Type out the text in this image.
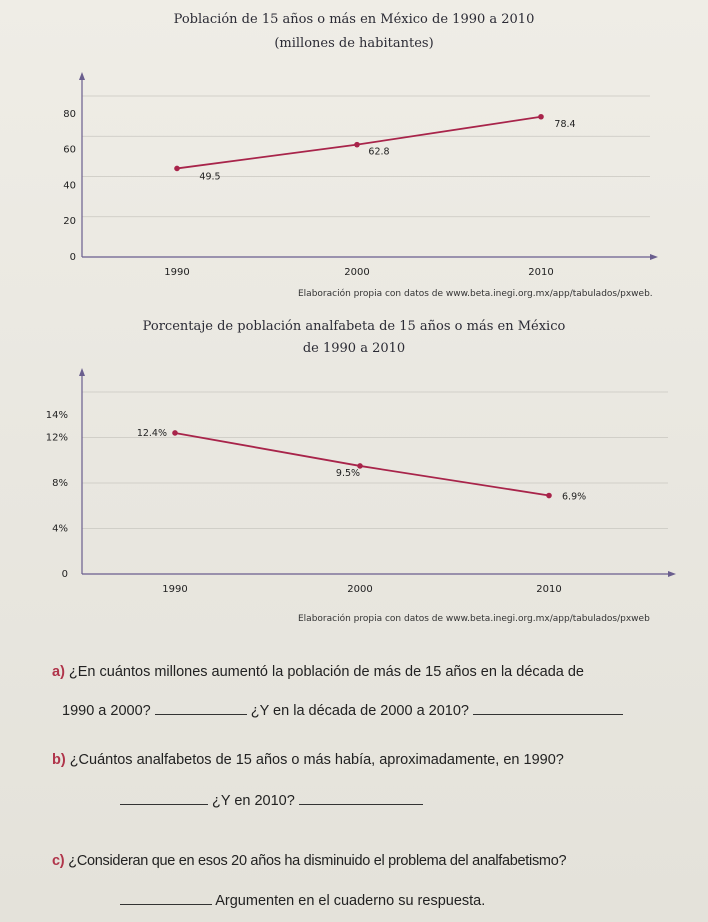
Población de 15 años o más en México de 1990 a 2010
(millones de habitantes)
0
20
40
60
80
1990	2000	2010
49.5
62.8
78.4
Elaboración propia con datos de www.beta.inegi.org.mx/app/tabulados/pxweb.
Porcentaje de población analfabeta de 15 años o más en México
de 1990 a 2010
0
4%
8%
12%
14%
1990	2000	2010
12.4%
9.5%
6.9%
Elaboración propia con datos de www.beta.inegi.org.mx/app/tabulados/pxweb
a) ¿En cuántos millones aumentó la población de más de 15 años en la década de
1990 a 2000?	¿Y en la década de 2000 a 2010?
b) ¿Cuántos analfabetos de 15 años o más había, aproximadamente, en 1990?
¿Y en 2010?
c) ¿Consideran que en esos 20 años ha disminuido el problema del analfabetismo?
Argumenten en el cuaderno su respuesta.
